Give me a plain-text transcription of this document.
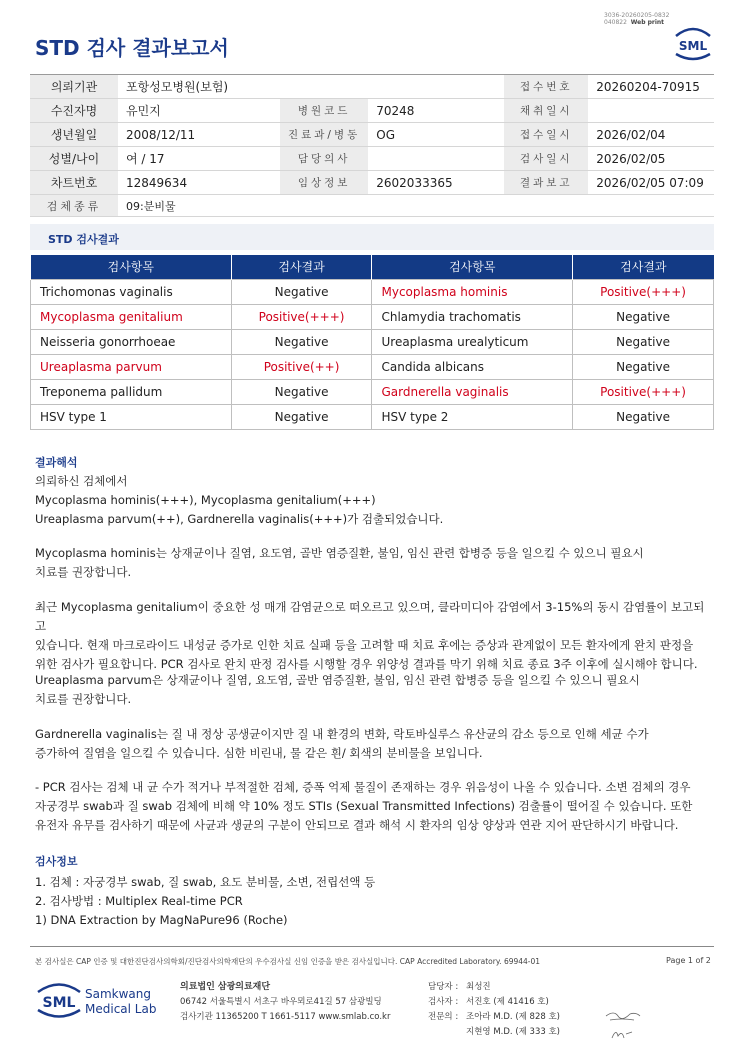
STD 검사 결과보고서
3036-20260205-0832
040822 Web print
SML
의뢰기관	포항성모병원(보험)			접수번호	20260204-70915
수진자명	유민지	병원코드	70248	채취일시	
생년월일	2008/12/11	진료과/병동	OG	접수일시	2026/02/04
성별/나이	여 / 17	담당의사		검사일시	2026/02/05
차트번호	12849634	임상정보	2602033365	결과보고	2026/02/05 07:09
검체종류	09:분비물				
STD 검사결과
검사항목	검사결과	검사항목	검사결과
Trichomonas vaginalis	Negative	Mycoplasma hominis	Positive(+++)
Mycoplasma genitalium	Positive(+++)	Chlamydia trachomatis	Negative
Neisseria gonorrhoeae	Negative	Ureaplasma urealyticum	Negative
Ureaplasma parvum	Positive(++)	Candida albicans	Negative
Treponema pallidum	Negative	Gardnerella vaginalis	Positive(+++)
HSV type 1	Negative	HSV type 2	Negative
결과해석
의뢰하신 검체에서
Mycoplasma hominis(+++), Mycoplasma genitalium(+++)
Ureaplasma parvum(++), Gardnerella vaginalis(+++)가 검출되었습니다.
Mycoplasma hominis는 상재균이나 질염, 요도염, 골반 염증질환, 불임, 임신 관련 합병증 등을 일으킬 수 있으니 필요시
치료를 권장합니다.
최근 Mycoplasma genitalium이 중요한 성 매개 감염균으로 떠오르고 있으며, 클라미디아 감염에서 3-15%의 동시 감염률이 보고되고
있습니다. 현재 마크로라이드 내성균 증가로 인한 치료 실패 등을 고려할 때 치료 후에는 증상과 관계없이 모든 환자에게 완치 판정을
위한 검사가 필요합니다. PCR 검사로 완치 판정 검사를 시행할 경우 위양성 결과를 막기 위해 치료 종료 3주 이후에 실시해야 합니다.
Ureaplasma parvum은 상재균이나 질염, 요도염, 골반 염증질환, 불임, 임신 관련 합병증 등을 일으킬 수 있으니 필요시
치료를 권장합니다.
Gardnerella vaginalis는 질 내 정상 공생균이지만 질 내 환경의 변화, 락토바실루스 유산균의 감소 등으로 인해 세균 수가
증가하여 질염을 일으킬 수 있습니다. 심한 비린내, 물 같은 흰/ 회색의 분비물을 보입니다.
- PCR 검사는 검체 내 균 수가 적거나 부적절한 검체, 증폭 억제 물질이 존재하는 경우 위음성이 나올 수 있습니다. 소변 검체의 경우
자궁경부 swab과 질 swab 검체에 비해 약 10% 정도 STIs (Sexual Transmitted Infections) 검출률이 떨어질 수 있습니다. 또한
유전자 유무를 검사하기 때문에 사균과 생균의 구분이 안되므로 결과 해석 시 환자의 임상 양상과 연관 지어 판단하시기 바랍니다.
검사정보
1. 검체 : 자궁경부 swab, 질 swab, 요도 분비물, 소변, 전립선액 등
2. 검사방법 : Multiplex Real-time PCR
1) DNA Extraction by MagNaPure96 (Roche)
본 검사실은 CAP 인증 및 대한진단검사의학회/진단검사의학재단의 우수검사실 신임 인증을 받은 검사실입니다. CAP Accredited Laboratory. 69944-01	Page 1 of 2
SML
Samkwang
Medical Lab
의료법인 삼광의료재단
06742 서울특별시 서초구 바우뫼로41길 57 삼광빌딩
검사기관 11365200 T 1661-5117 www.smlab.co.kr
담당자 : 최성진
검사자 : 서진호 (제 41416 호)
전문의 : 조아라 M.D. (제 828 호)
지현영 M.D. (제 333 호)
